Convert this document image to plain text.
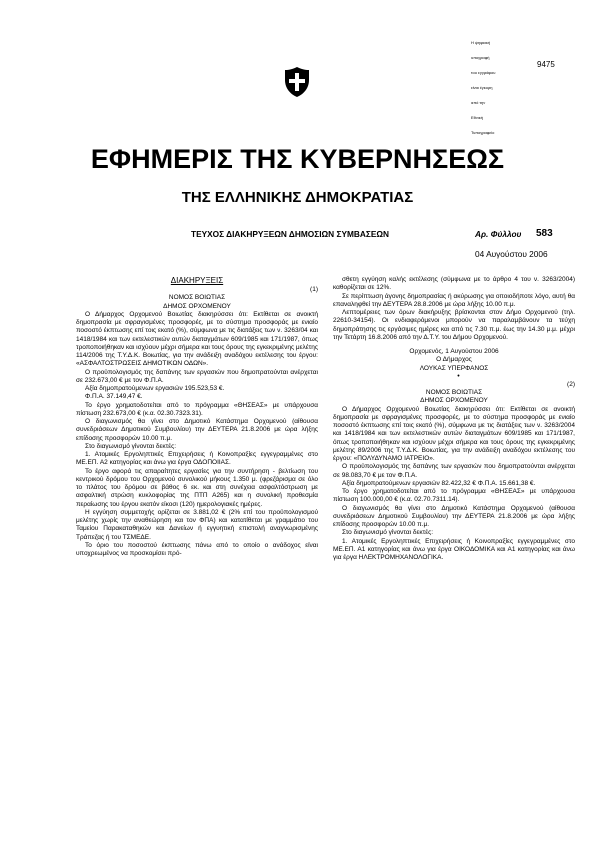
Η ψηφιακή

υπογραφή

του εγγράφου

είναι έγκυρη

από την

Εθνική

Τυπογραφείο

9475
ΕΦΗΜΕΡΙΣ ΤΗΣ ΚΥΒΕΡΝΗΣΕΩΣ
ΤΗΣ ΕΛΛΗΝΙΚΗΣ ΔΗΜΟΚΡΑΤΙΑΣ
ΤΕΥΧΟΣ ΔΙΑΚΗΡΥΞΕΩΝ ΔΗΜΟΣΙΩΝ ΣΥΜΒΑΣΕΩΝ	Αρ. Φύλλου 583
04 Αυγούστου 2006

ΔΙΑΚΗΡΥΞΕΙΣ

(1)

ΝΟΜΟΣ ΒΟΙΩΤΙΑΣ

ΔΗΜΟΣ ΟΡΧΟΜΕΝΟΥ

Ο Δήμαρχος Ορχομενού Βοιωτίας διακηρύσσει ότι: Εκτίθεται σε ανοικτή δημοπρασία με σφραγισμένες προσφορές, με το σύστημα προσφοράς με ενιαίο ποσοστό έκπτωσης επί τοις εκατό (%), σύμφωνα με τις διατάξεις των ν. 3263/04 και 1418/1984 και των εκτελεστικών αυτών διαταγμάτων 609/1985 και 171/1987, όπως τροποποιήθηκαν και ισχύουν μέχρι σήμερα και τους όρους της εγκεκριμένης μελέτης 114/2006 της Τ.Υ.Δ.Κ. Βοιωτίας, για την ανάδειξη αναδόχου εκτέλεσης του έργου: «ΑΣΦΑΛΤΟΣΤΡΩΣΕΙΣ ΔΗΜΟΤΙΚΩΝ ΟΔΩΝ».

Ο προϋπολογισμός της δαπάνης των εργασιών που δημοπρατούνται ανέρχεται σε 232.673,00 € με τον Φ.Π.Α.

Αξία δημοπρατούμενων εργασιών 195.523,53 €.

Φ.Π.Α. 37.149,47 €.

Το έργο χρηματοδοτείται από το πρόγραμμα «ΘΗΣΕΑΣ» με υπάρχουσα πίστωση 232.673,00 € (κ.α. 02.30.7323.31).

Ο διαγωνισμός θα γίνει στο Δημοτικό Κατάστημα Ορχομενού (αίθουσα συνεδριάσεων Δημοτικού Συμβουλίου) την ΔΕΥΤΕΡΑ 21.8.2006 με ώρα λήξης επίδοσης προσφορών 10.00 π.μ.

Στο διαγωνισμό γίνονται δεκτές:

1. Ατομικές Εργοληπτικές Επιχειρήσεις ή Κοινοπραξίες εγγεγραμμένες στο ΜΕ.ΕΠ. Α2 κατηγορίας και άνω για έργα ΟΔΟΠΟΙΙΑΣ.

Το έργο αφορά τις απαραίτητες εργασίες για την συντήρηση - βελτίωση του κεντρικού δρόμου του Ορχομενού συνολικού μήκους 1.350 μ. (φρεζάρισμα σε όλο το πλάτος του δρόμου σε βάθος 6 εκ. και στη συνέχεια ασφαλτόστρωση με ασφαλτική στρώση κυκλοφορίας της ΠΤΠ Α265) και η συνολική προθεσμία περαίωσης του έργου εκατόν είκοσι (120) ημερολογιακές ημέρες.

Η εγγύηση συμμετοχής ορίζεται σε 3.881,02 € (2% επί του προϋπολογισμού μελέτης χωρίς την αναθεώρηση και τον ΦΠΑ) και κατατίθεται με γραμμάτιο του Ταμείου Παρακαταθηκών και Δανείων ή εγγυητική επιστολή αναγνωρισμένης Τράπεζας ή του ΤΣΜΕΔΕ.

Το όριο του ποσοστού έκπτωσης πάνω από το οποίο ο ανάδοχος είναι υποχρεωμένος να προσκομίσει πρό-

σθετη εγγύηση καλής εκτέλεσης (σύμφωνα με το άρθρο 4 του ν. 3263/2004) καθορίζεται σε 12%.

Σε περίπτωση άγονης δημοπρασίας ή ακύρωσης για οποιοδήποτε λόγο, αυτή θα επαναληφθεί την ΔΕΥΤΕΡΑ 28.8.2006 με ώρα λήξης 10.00 π.μ.

Λεπτομέρειες των όρων διακήρυξης βρίσκονται στον Δήμο Ορχομενού (τηλ. 22610-34154). Οι ενδιαφερόμενοι μπορούν να παραλαμβάνουν τα τεύχη δημοπράτησης τις εργάσιμες ημέρες και από τις 7.30 π.μ. έως την 14.30 μ.μ. μέχρι την Τετάρτη 16.8.2006 από την Δ.Τ.Υ. του Δήμου Ορχομενού.

Ορχομενός, 1 Αυγούστου 2006

Ο Δήμαρχος

ΛΟΥΚΑΣ ΥΠΕΡΦΑΝΟΣ

•

(2)

ΝΟΜΟΣ ΒΟΙΩΤΙΑΣ

ΔΗΜΟΣ ΟΡΧΟΜΕΝΟΥ

Ο Δήμαρχος Ορχομενού Βοιωτίας διακηρύσσει ότι: Εκτίθεται σε ανοικτή δημοπρασία με σφραγισμένες προσφορές, με το σύστημα προσφοράς με ενιαίο ποσοστό έκπτωσης επί τοις εκατό (%), σύμφωνα με τις διατάξεις των ν. 3263/2004 και 1418/1984 και των εκτελεστικών αυτών διαταγμάτων 609/1985 και 171/1987, όπως τροποποιήθηκαν και ισχύουν μέχρι σήμερα και τους όρους της εγκεκριμένης μελέτης 89/2006 της Τ.Υ.Δ.Κ. Βοιωτίας, για την ανάδειξη αναδόχου εκτέλεσης του έργου: «ΠΟΛΥΔΥΝΑΜΟ ΙΑΤΡΕΙΟ».

Ο προϋπολογισμός της δαπάνης των εργασιών που δημοπρατούνται ανέρχεται σε 98.083,70 € με τον Φ.Π.Α.

Αξία δημοπρατούμενων εργασιών 82.422,32 € Φ.Π.Α. 15.661,38 €.

Το έργο χρηματοδοτείται από το πρόγραμμα «ΘΗΣΕΑΣ» με υπάρχουσα πίστωση 100.000,00 € (κ.α. 02.70.7311.14).

Ο διαγωνισμός θα γίνει στο Δημοτικό Κατάστημα Ορχομενού (αίθουσα συνεδριάσεων Δημοτικού Συμβουλίου) την ΔΕΥΤΕΡΑ 21.8.2006 με ώρα λήξης επίδοσης προσφορών 10.00 π.μ.

Στο διαγωνισμό γίνονται δεκτές:

1. Ατομικές Εργοληπτικές Επιχειρήσεις ή Κοινοπραξίες εγγεγραμμένες στο ΜΕ.ΕΠ. Α1 κατηγορίας και άνω για έργα ΟΙΚΟΔΟΜΙΚΑ και Α1 κατηγορίας και άνω για έργα ΗΛΕΚΤΡΟΜΗΧΑΝΟΛΟΓΙΚΑ.
